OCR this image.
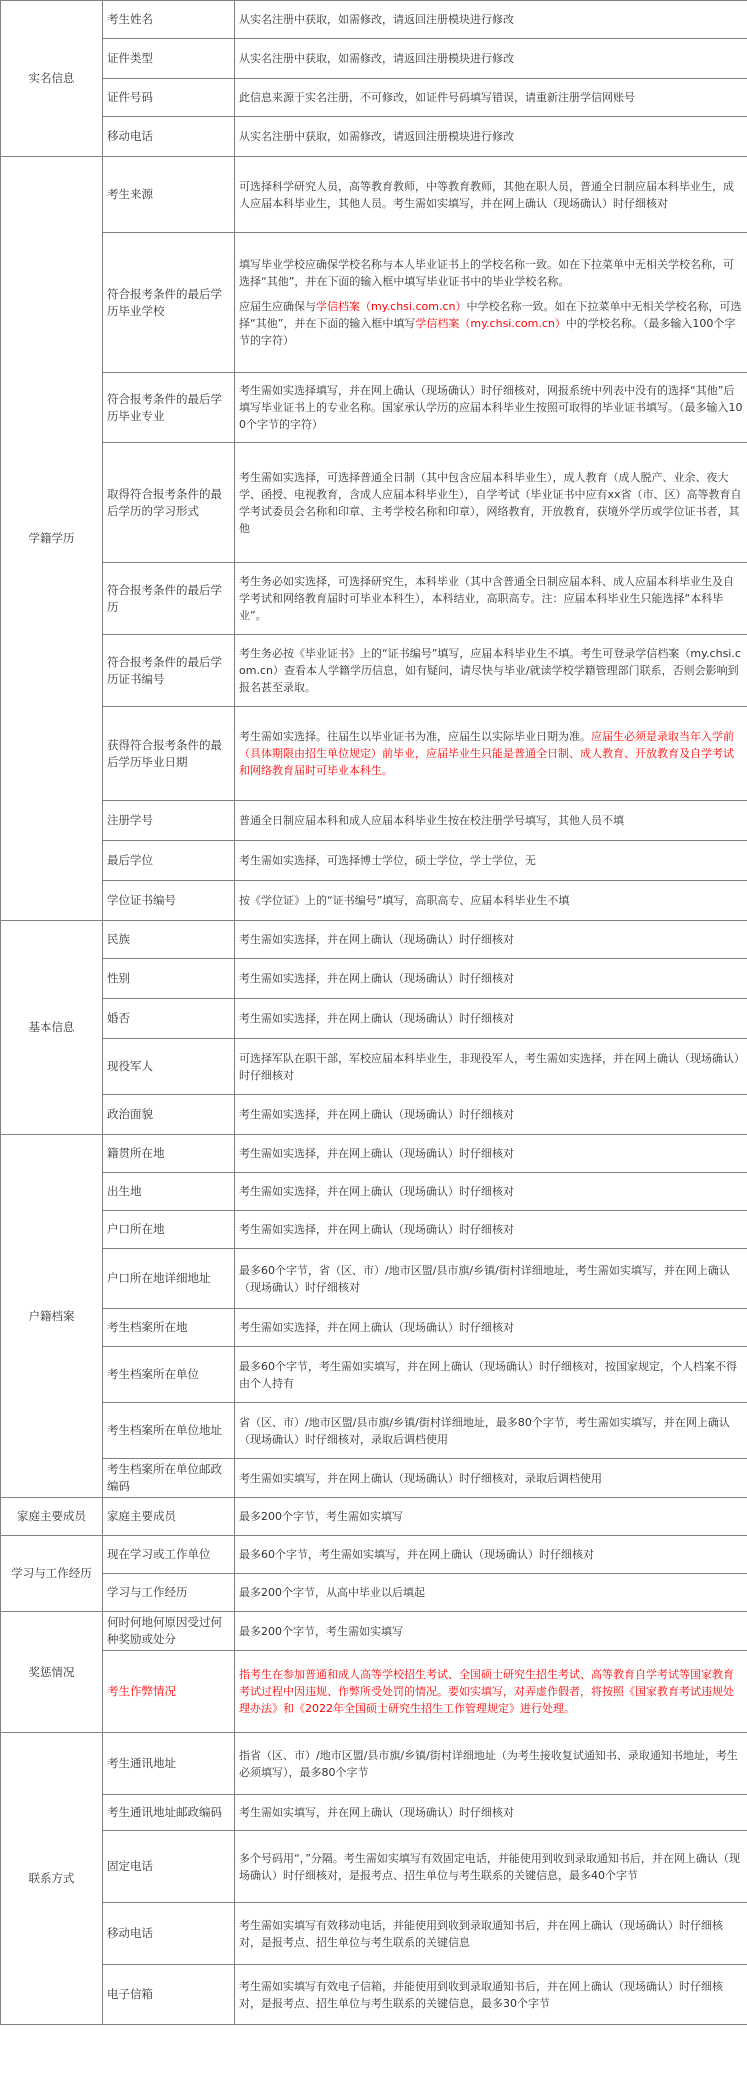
实名信息	考生姓名	从实名注册中获取，如需修改，请返回注册模块进行修改
	证件类型	从实名注册中获取，如需修改，请返回注册模块进行修改
	证件号码	此信息来源于实名注册，不可修改，如证件号码填写错误，请重新注册学信网账号
	移动电话	从实名注册中获取，如需修改，请返回注册模块进行修改
学籍学历	考生来源	可选择科学研究人员，高等教育教师，中等教育教师，其他在职人员，普通全日制应届本科毕业生，成人应届本科毕业生，其他人员。考生需如实填写，并在网上确认（现场确认）时仔细核对
	符合报考条件的最后学历毕业学校	填写毕业学校应确保学校名称与本人毕业证书上的学校名称一致。如在下拉菜单中无相关学校名称，可选择“其他”，并在下面的输入框中填写毕业证书中的毕业学校名称。
应届生应确保与学信档案（my.chsi.com.cn）中学校名称一致。如在下拉菜单中无相关学校名称，可选择“其他”，并在下面的输入框中填写学信档案（my.chsi.com.cn）中的学校名称。（最多输入100个字节的字符）
	符合报考条件的最后学历毕业专业	考生需如实选择填写，并在网上确认（现场确认）时仔细核对，网报系统中列表中没有的选择“其他”后填写毕业证书上的专业名称。国家承认学历的应届本科毕业生按照可取得的毕业证书填写。（最多输入100个字节的字符）
	取得符合报考条件的最后学历的学习形式	考生需如实选择，可选择普通全日制（其中包含应届本科毕业生），成人教育（成人脱产、业余、夜大学、函授、电视教育，含成人应届本科毕业生），自学考试（毕业证书中应有xx省（市、区）高等教育自学考试委员会名称和印章、主考学校名称和印章），网络教育，开放教育，获境外学历或学位证书者，其他
	符合报考条件的最后学历	考生务必如实选择，可选择研究生，本科毕业（其中含普通全日制应届本科、成人应届本科毕业生及自学考试和网络教育届时可毕业本科生），本科结业，高职高专。注：应届本科毕业生只能选择“本科毕业”。
	符合报考条件的最后学历证书编号	考生务必按《毕业证书》上的“证书编号”填写，应届本科毕业生不填。考生可登录学信档案（my.chsi.com.cn）查看本人学籍学历信息，如有疑问，请尽快与毕业/就读学校学籍管理部门联系，否则会影响到报名甚至录取。
	获得符合报考条件的最后学历毕业日期	考生需如实选择。往届生以毕业证书为准，应届生以实际毕业日期为准。应届生必须是录取当年入学前（具体期限由招生单位规定）前毕业，应届毕业生只能是普通全日制、成人教育、开放教育及自学考试和网络教育届时可毕业本科生。
	注册学号	普通全日制应届本科和成人应届本科毕业生按在校注册学号填写，其他人员不填
	最后学位	考生需如实选择，可选择博士学位，硕士学位，学士学位，无
	学位证书编号	按《学位证》上的“证书编号”填写，高职高专、应届本科毕业生不填
基本信息	民族	考生需如实选择，并在网上确认（现场确认）时仔细核对
	性别	考生需如实选择，并在网上确认（现场确认）时仔细核对
	婚否	考生需如实选择，并在网上确认（现场确认）时仔细核对
	现役军人	可选择军队在职干部，军校应届本科毕业生，非现役军人，考生需如实选择，并在网上确认（现场确认）时仔细核对
	政治面貌	考生需如实选择，并在网上确认（现场确认）时仔细核对
户籍档案	籍贯所在地	考生需如实选择，并在网上确认（现场确认）时仔细核对
	出生地	考生需如实选择，并在网上确认（现场确认）时仔细核对
	户口所在地	考生需如实选择，并在网上确认（现场确认）时仔细核对
	户口所在地详细地址	最多60个字节，省（区、市）/地市区盟/县市旗/乡镇/街村详细地址，考生需如实填写，并在网上确认（现场确认）时仔细核对
	考生档案所在地	考生需如实选择，并在网上确认（现场确认）时仔细核对
	考生档案所在单位	最多60个字节，考生需如实填写，并在网上确认（现场确认）时仔细核对，按国家规定，个人档案不得由个人持有
	考生档案所在单位地址	省（区、市）/地市区盟/县市旗/乡镇/街村详细地址，最多80个字节，考生需如实填写，并在网上确认（现场确认）时仔细核对，录取后调档使用
	考生档案所在单位邮政编码	考生需如实填写，并在网上确认（现场确认）时仔细核对，录取后调档使用
家庭主要成员	家庭主要成员	最多200个字节，考生需如实填写
学习与工作经历	现在学习或工作单位	最多60个字节，考生需如实填写，并在网上确认（现场确认）时仔细核对
	学习与工作经历	最多200个字节，从高中毕业以后填起
奖惩情况	何时何地何原因受过何种奖励或处分	最多200个字节，考生需如实填写
	考生作弊情况	指考生在参加普通和成人高等学校招生考试、全国硕士研究生招生考试、高等教育自学考试等国家教育考试过程中因违规、作弊所受处罚的情况。要如实填写，对弄虚作假者，将按照《国家教育考试违规处理办法》和《2022年全国硕士研究生招生工作管理规定》进行处理。
联系方式	考生通讯地址	指省（区、市）/地市区盟/县市旗/乡镇/街村详细地址（为考生接收复试通知书、录取通知书地址，考生必须填写），最多80个字节
	考生通讯地址邮政编码	考生需如实填写，并在网上确认（现场确认）时仔细核对
	固定电话	多个号码用“，”分隔。考生需如实填写有效固定电话，并能使用到收到录取通知书后，并在网上确认（现场确认）时仔细核对，是报考点、招生单位与考生联系的关键信息，最多40个字节
	移动电话	考生需如实填写有效移动电话，并能使用到收到录取通知书后，并在网上确认（现场确认）时仔细核对，是报考点、招生单位与考生联系的关键信息
	电子信箱	考生需如实填写有效电子信箱，并能使用到收到录取通知书后，并在网上确认（现场确认）时仔细核对，是报考点、招生单位与考生联系的关键信息，最多30个字节
